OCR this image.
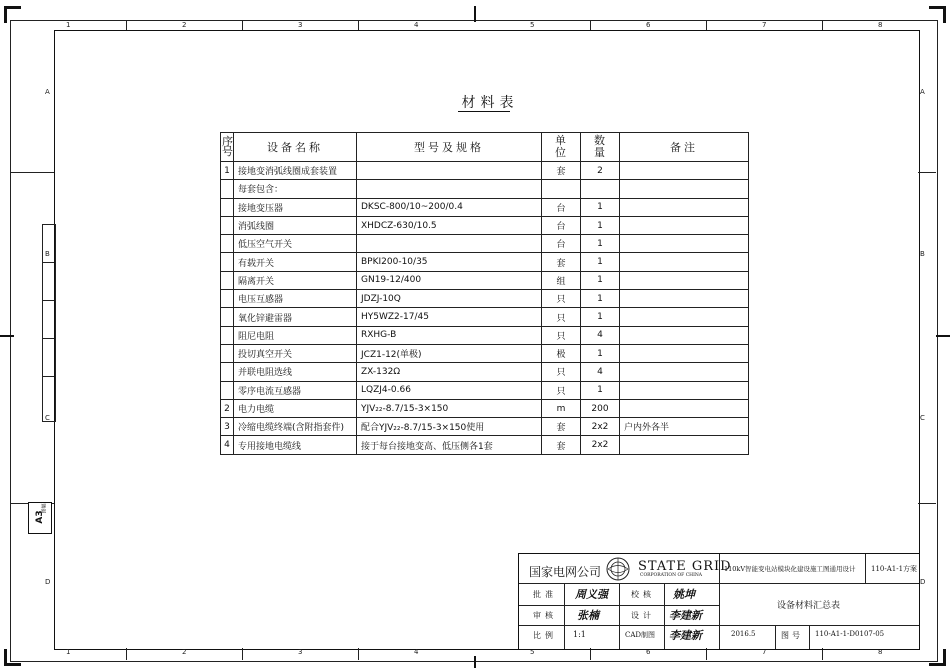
1	2	3	4	5	6	7	8
1	2	3	4	5	6	7	8
A
B
C
D
A
B
C
D
A3
图幅
材料表
序号	设备名称	型号及规格	单位	数量	备注
1	接地变消弧线圈成套装置		套	2	
	每套包含：				
	接地变压器	DKSC-800/10~200/0.4	台	1	
	消弧线圈	XHDCZ-630/10.5	台	1	
	低压空气开关		台	1	
	有载开关	BPKI200-10/35	套	1	
	隔离开关	GN19-12/400	组	1	
	电压互感器	JDZJ-10Q	只	1	
	氧化锌避雷器	HY5WZ2-17/45	只	1	
	阻尼电阻	RXHG-B	只	4	
	投切真空开关	JCZ1-12(单极)	极	1	
	并联电阻选线	ZX-132Ω	只	4	
	零序电流互感器	LQZJ4-0.66	只	1	
2	电力电缆	YJV₂₂-8.7/15-3×150	m	200	
3	冷缩电缆终端(含附指套件)	配合YJV₂₂-8.7/15-3×150使用	套	2x2	户内外各半
4	专用接地电缆线	接于每台接地变高、低压侧各1套	套	2x2	
国家电网公司	STATE GRID
CORPORATION OF CHINA
110kV智能变电站模块化建设施工图通用设计 110-A1-1方案
批准 周义强	校核 姚坤
审核 张楠	设计 李建新
设备材料汇总表
比例 1:1	CAD制图 李建新	2016.5	图号 110-A1-1-D0107-05
